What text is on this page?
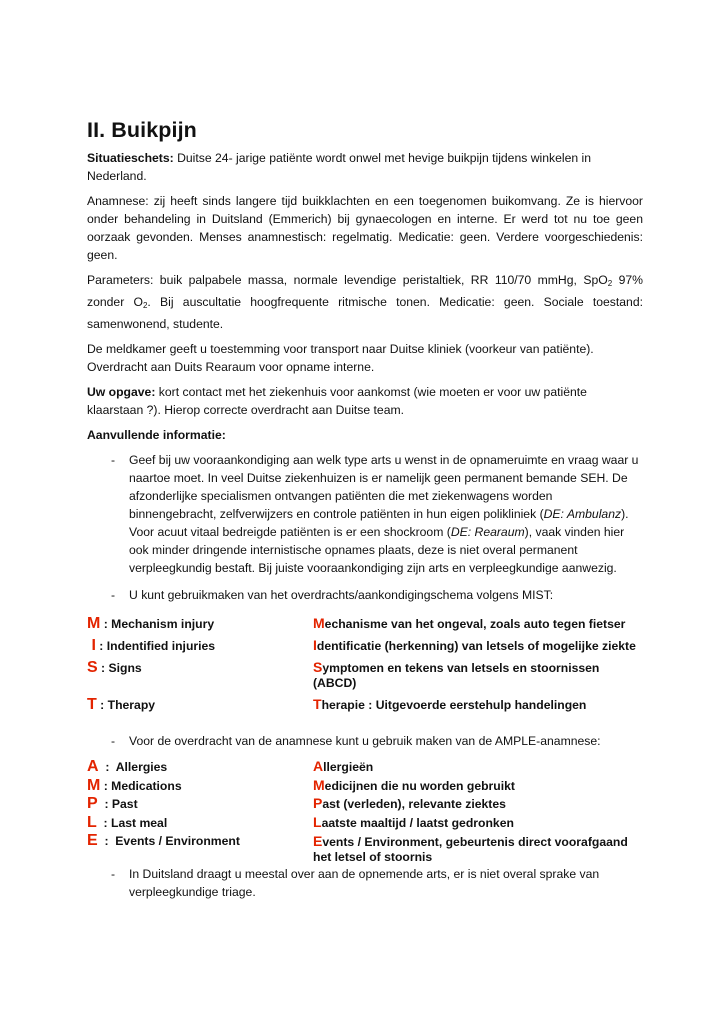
II. Buikpijn

Situatieschets: Duitse 24- jarige patiënte wordt onwel met hevige buikpijn tijdens winkelen in Nederland.

Anamnese: zij heeft sinds langere tijd buikklachten en een toegenomen buikomvang. Ze is hiervoor onder behandeling in Duitsland (Emmerich) bij gynaecologen en interne. Er werd tot nu toe geen oorzaak gevonden. Menses anamnestisch: regelmatig. Medicatie: geen. Verdere voorgeschiedenis: geen.

Parameters: buik palpabele massa, normale levendige peristaltiek, RR 110/70 mmHg, SpO$_2$ 97% zonder $O_2$. Bij auscultatie hoogfrequente ritmische tonen. Medicatie: geen. Sociale toestand: samenwonend, studente.

De meldkamer geeft u toestemming voor transport naar Duitse kliniek (voorkeur van patiënte).
Overdracht aan Duits Rearaum voor opname interne.

Uw opgave: kort contact met het ziekenhuis voor aankomst (wie moeten er voor uw patiënte klaarstaan ?). Hierop correcte overdracht aan Duitse team.

Aanvullende informatie:

- Geef bij uw vooraankondiging aan welk type arts u wenst in de opnameruimte en vraag waar u naartoe moet. In veel Duitse ziekenhuizen is er namelijk geen permanent bemande SEH. De afzonderlijke specialismen ontvangen patiënten die met ziekenwagens worden binnengebracht, zelfverwijzers en controle patiënten in hun eigen polikliniek (DE: Ambulanz). Voor acuut vitaal bedreigde patiënten is er een shockroom (DE: Rearaum), vaak vinden hier ook minder dringende internistische opnames plaats, deze is niet overal permanent verpleegkundig bestaft. Bij juiste vooraankondiging zijn arts en verpleegkundige aanwezig.
- U kunt gebruikmaken van het overdrachts/aankondigingschema volgens MIST:
M : Mechanism injury	Mechanisme van het ongeval, zoals auto tegen fietser
I : Indentified injuries	Identificatie (herkenning) van letsels of mogelijke ziekte
S : Signs	Symptomen en tekens van letsels en stoornissen (ABCD)
T : Therapy	Therapie : Uitgevoerde eerstehulp handelingen
- Voor de overdracht van de anamnese kunt u gebruik maken van de AMPLE-anamnese:
A  :  Allergies	Allergieën
M : Medications	Medicijnen die nu worden gebruikt
P  : Past	Past (verleden), relevante ziektes
L  : Last meal	Laatste maaltijd / laatst gedronken
E  :  Events / Environment	Events / Environment, gebeurtenis direct voorafgaand het letsel of stoornis
- In Duitsland draagt u meestal over aan de opnemende arts, er is niet overal sprake van verpleegkundige triage.
